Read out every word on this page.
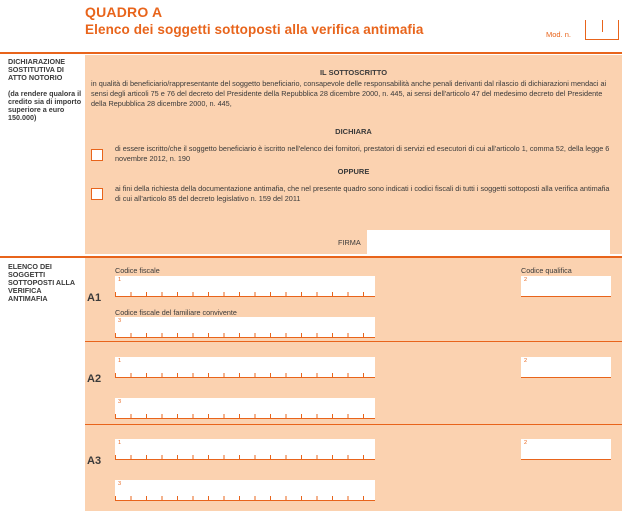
QUADRO A
Elenco dei soggetti sottoposti alla verifica antimafia	Mod. n.
DICHIARAZIONE SOSTITUTIVA DI ATTO NOTORIO
(da rendere qualora il credito sia di importo superiore a euro 150.000)
IL SOTTOSCRITTO
in qualità di beneficiario/rappresentante del soggetto beneficiario, consapevole delle responsabilità anche penali derivanti dal rilascio di dichiarazioni mendaci ai sensi degli articoli 75 e 76 del decreto del Presidente della Repubblica 28 dicembre 2000, n. 445, ai sensi dell'articolo 47 del medesimo decreto del Presidente della Repubblica 28 dicembre 2000, n. 445,
DICHIARA
di essere iscritto/che il soggetto beneficiario è iscritto nell'elenco dei fornitori, prestatori di servizi ed esecutori di cui all'articolo 1, comma 52, della legge 6 novembre 2012, n. 190
OPPURE
ai fini della richiesta della documentazione antimafia, che nel presente quadro sono indicati i codici fiscali di tutti i soggetti sottoposti alla verifica antimafia di cui all'articolo 85 del decreto legislativo n. 159 del 2011
FIRMA
ELENCO DEI SOGGETTI SOTTOPOSTI ALLA VERIFICA ANTIMAFIA
Codice fiscale	Codice qualifica
A1
1	2
Codice fiscale del familiare convivente
3
A2
1	2
3
A3
1	2
3
